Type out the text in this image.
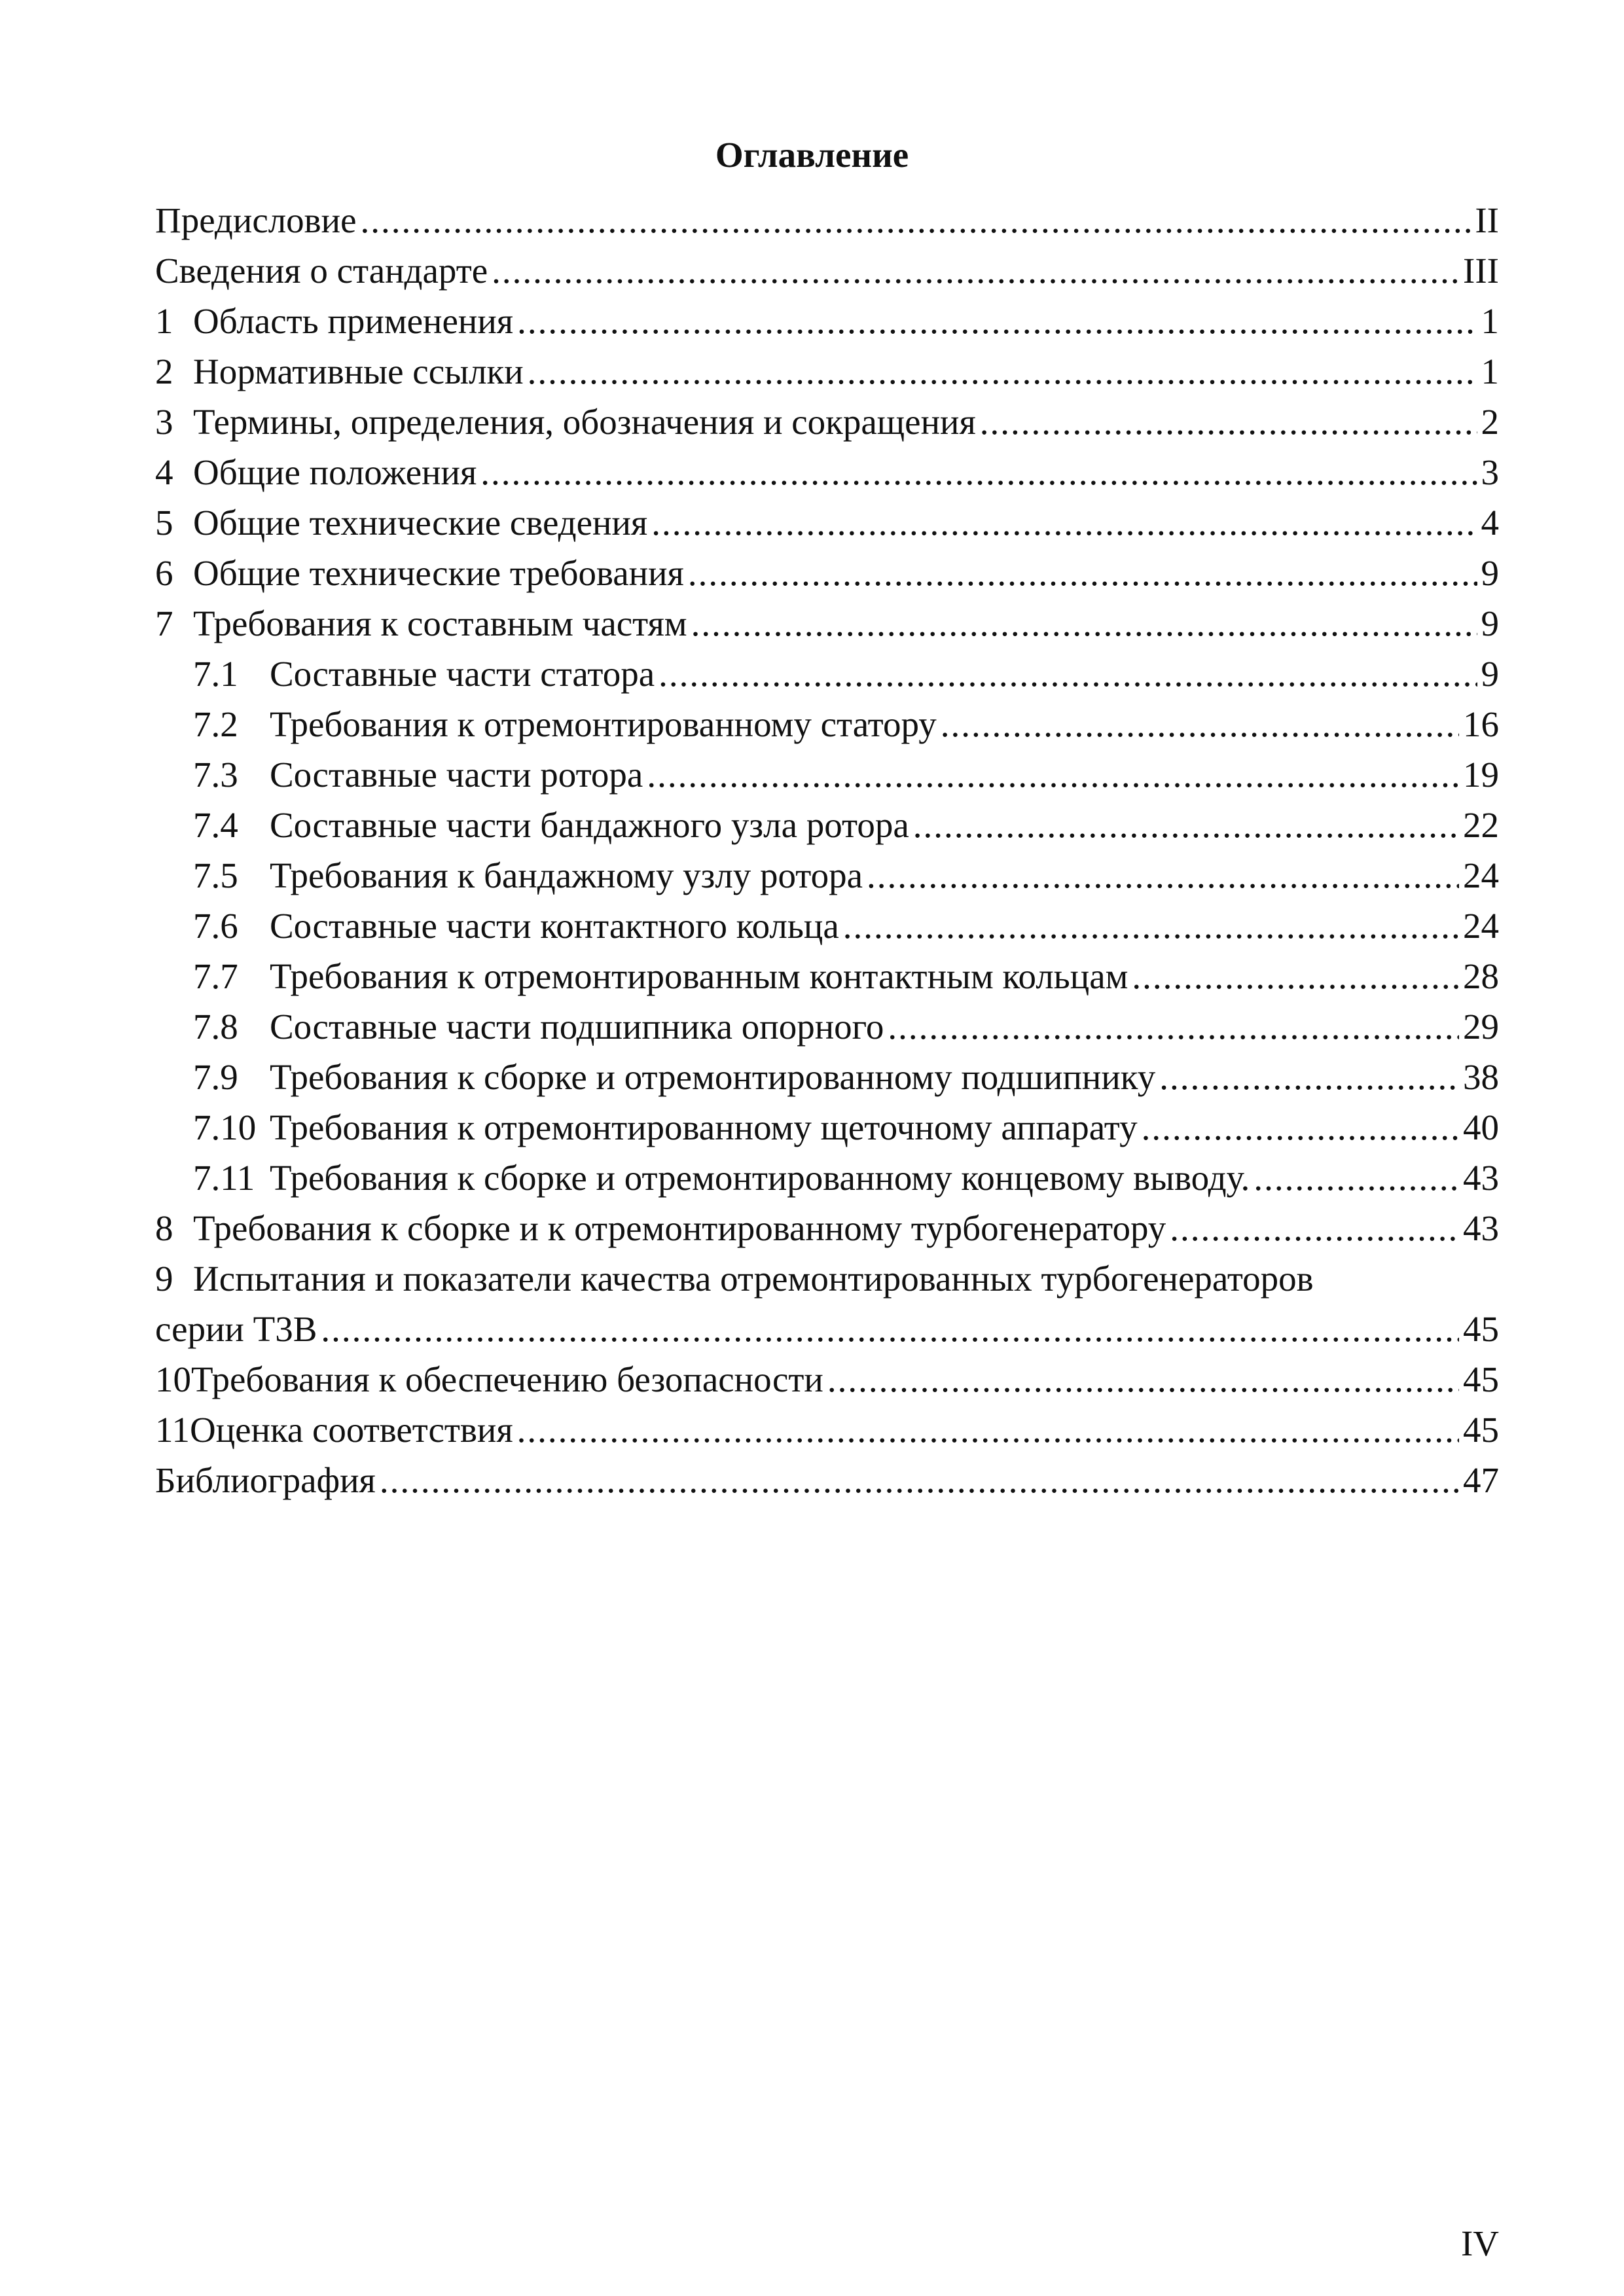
Оглавление
Предисловие .....	II
Сведения о стандарте .....	III
1 Область применения .....	1
2 Нормативные ссылки .....	1
3 Термины, определения, обозначения и сокращения .....	2
4 Общие положения .....	3
5 Общие технические сведения .....	4
6 Общие технические требования .....	9
7 Требования к составным частям .....	9
7.1 Составные части статора .....	9
7.2 Требования к отремонтированному статору .....	16
7.3 Составные части ротора .....	19
7.4 Составные части бандажного узла ротора .....	22
7.5 Требования к бандажному узлу ротора .....	24
7.6 Составные части контактного кольца .....	24
7.7 Требования к отремонтированным контактным кольцам .....	28
7.8 Составные части подшипника опорного .....	29
7.9 Требования к сборке и отремонтированному подшипнику .....	38
7.10 Требования к отремонтированному щеточному аппарату .....	40
7.11 Требования к сборке и отремонтированному концевому выводу. .....	43
8 Требования к сборке и к отремонтированному турбогенератору .....	43
9 Испытания и показатели качества отремонтированных турбогенераторов
серии Т3В .....	45
10 Требования к обеспечению безопасности .....	45
11 Оценка соответствия .....	45
Библиография .....	47
IV
